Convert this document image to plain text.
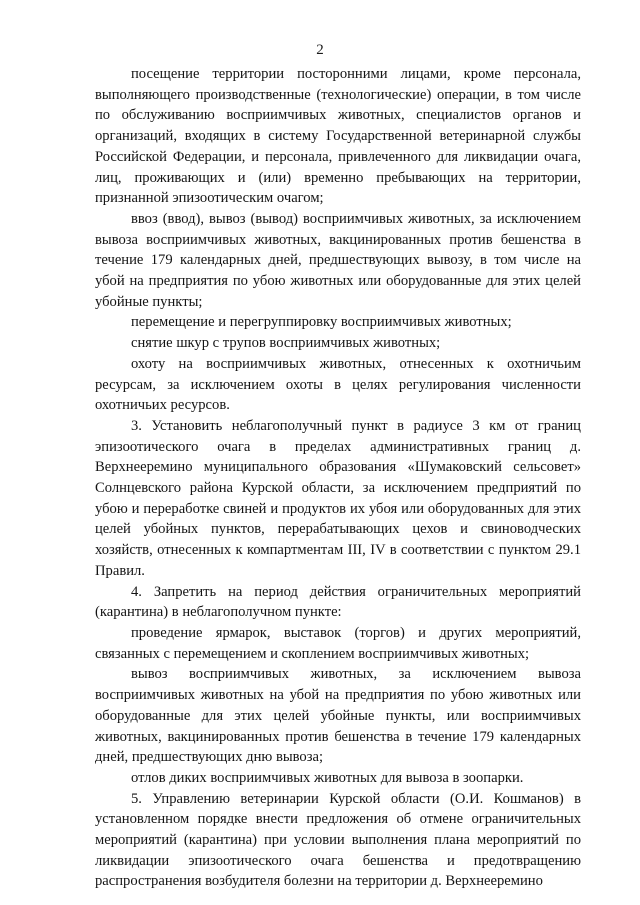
2

посещение территории посторонними лицами, кроме персонала, выполняющего производственные (технологические) операции, в том числе по обслуживанию восприимчивых животных, специалистов органов и организаций, входящих в систему Государственной ветеринарной службы Российской Федерации, и персонала, привлеченного для ликвидации очага, лиц, проживающих и (или) временно пребывающих на территории, признанной эпизоотическим очагом;

ввоз (ввод), вывоз (вывод) восприимчивых животных, за исключением вывоза восприимчивых животных, вакцинированных против бешенства в течение 179 календарных дней, предшествующих вывозу, в том числе на убой на предприятия по убою животных или оборудованные для этих целей убойные пункты;

перемещение и перегруппировку восприимчивых животных;

снятие шкур с трупов восприимчивых животных;

охоту на восприимчивых животных, отнесенных к охотничьим ресурсам, за исключением охоты в целях регулирования численности охотничьих ресурсов.

3. Установить неблагополучный пункт в радиусе 3 км от границ эпизоотического очага в пределах административных границ д. Верхнееремино муниципального образования «Шумаковский сельсовет» Солнцевского района Курской области, за исключением предприятий по убою и переработке свиней и продуктов их убоя или оборудованных для этих целей убойных пунктов, перерабатывающих цехов и свиноводческих хозяйств, отнесенных к компартментам III, IV в соответствии с пунктом 29.1 Правил.

4. Запретить на период действия ограничительных мероприятий (карантина) в неблагополучном пункте:

проведение ярмарок, выставок (торгов) и других мероприятий, связанных с перемещением и скоплением восприимчивых животных;

вывоз восприимчивых животных, за исключением вывоза восприимчивых животных на убой на предприятия по убою животных или оборудованные для этих целей убойные пункты, или восприимчивых животных, вакцинированных против бешенства в течение 179 календарных дней, предшествующих дню вывоза;

отлов диких восприимчивых животных для вывоза в зоопарки.

5. Управлению ветеринарии Курской области (О.И. Кошманов) в установленном порядке внести предложения об отмене ограничительных мероприятий (карантина) при условии выполнения плана мероприятий по ликвидации эпизоотического очага бешенства и предотвращению распространения возбудителя болезни на территории д. Верхнееремино
